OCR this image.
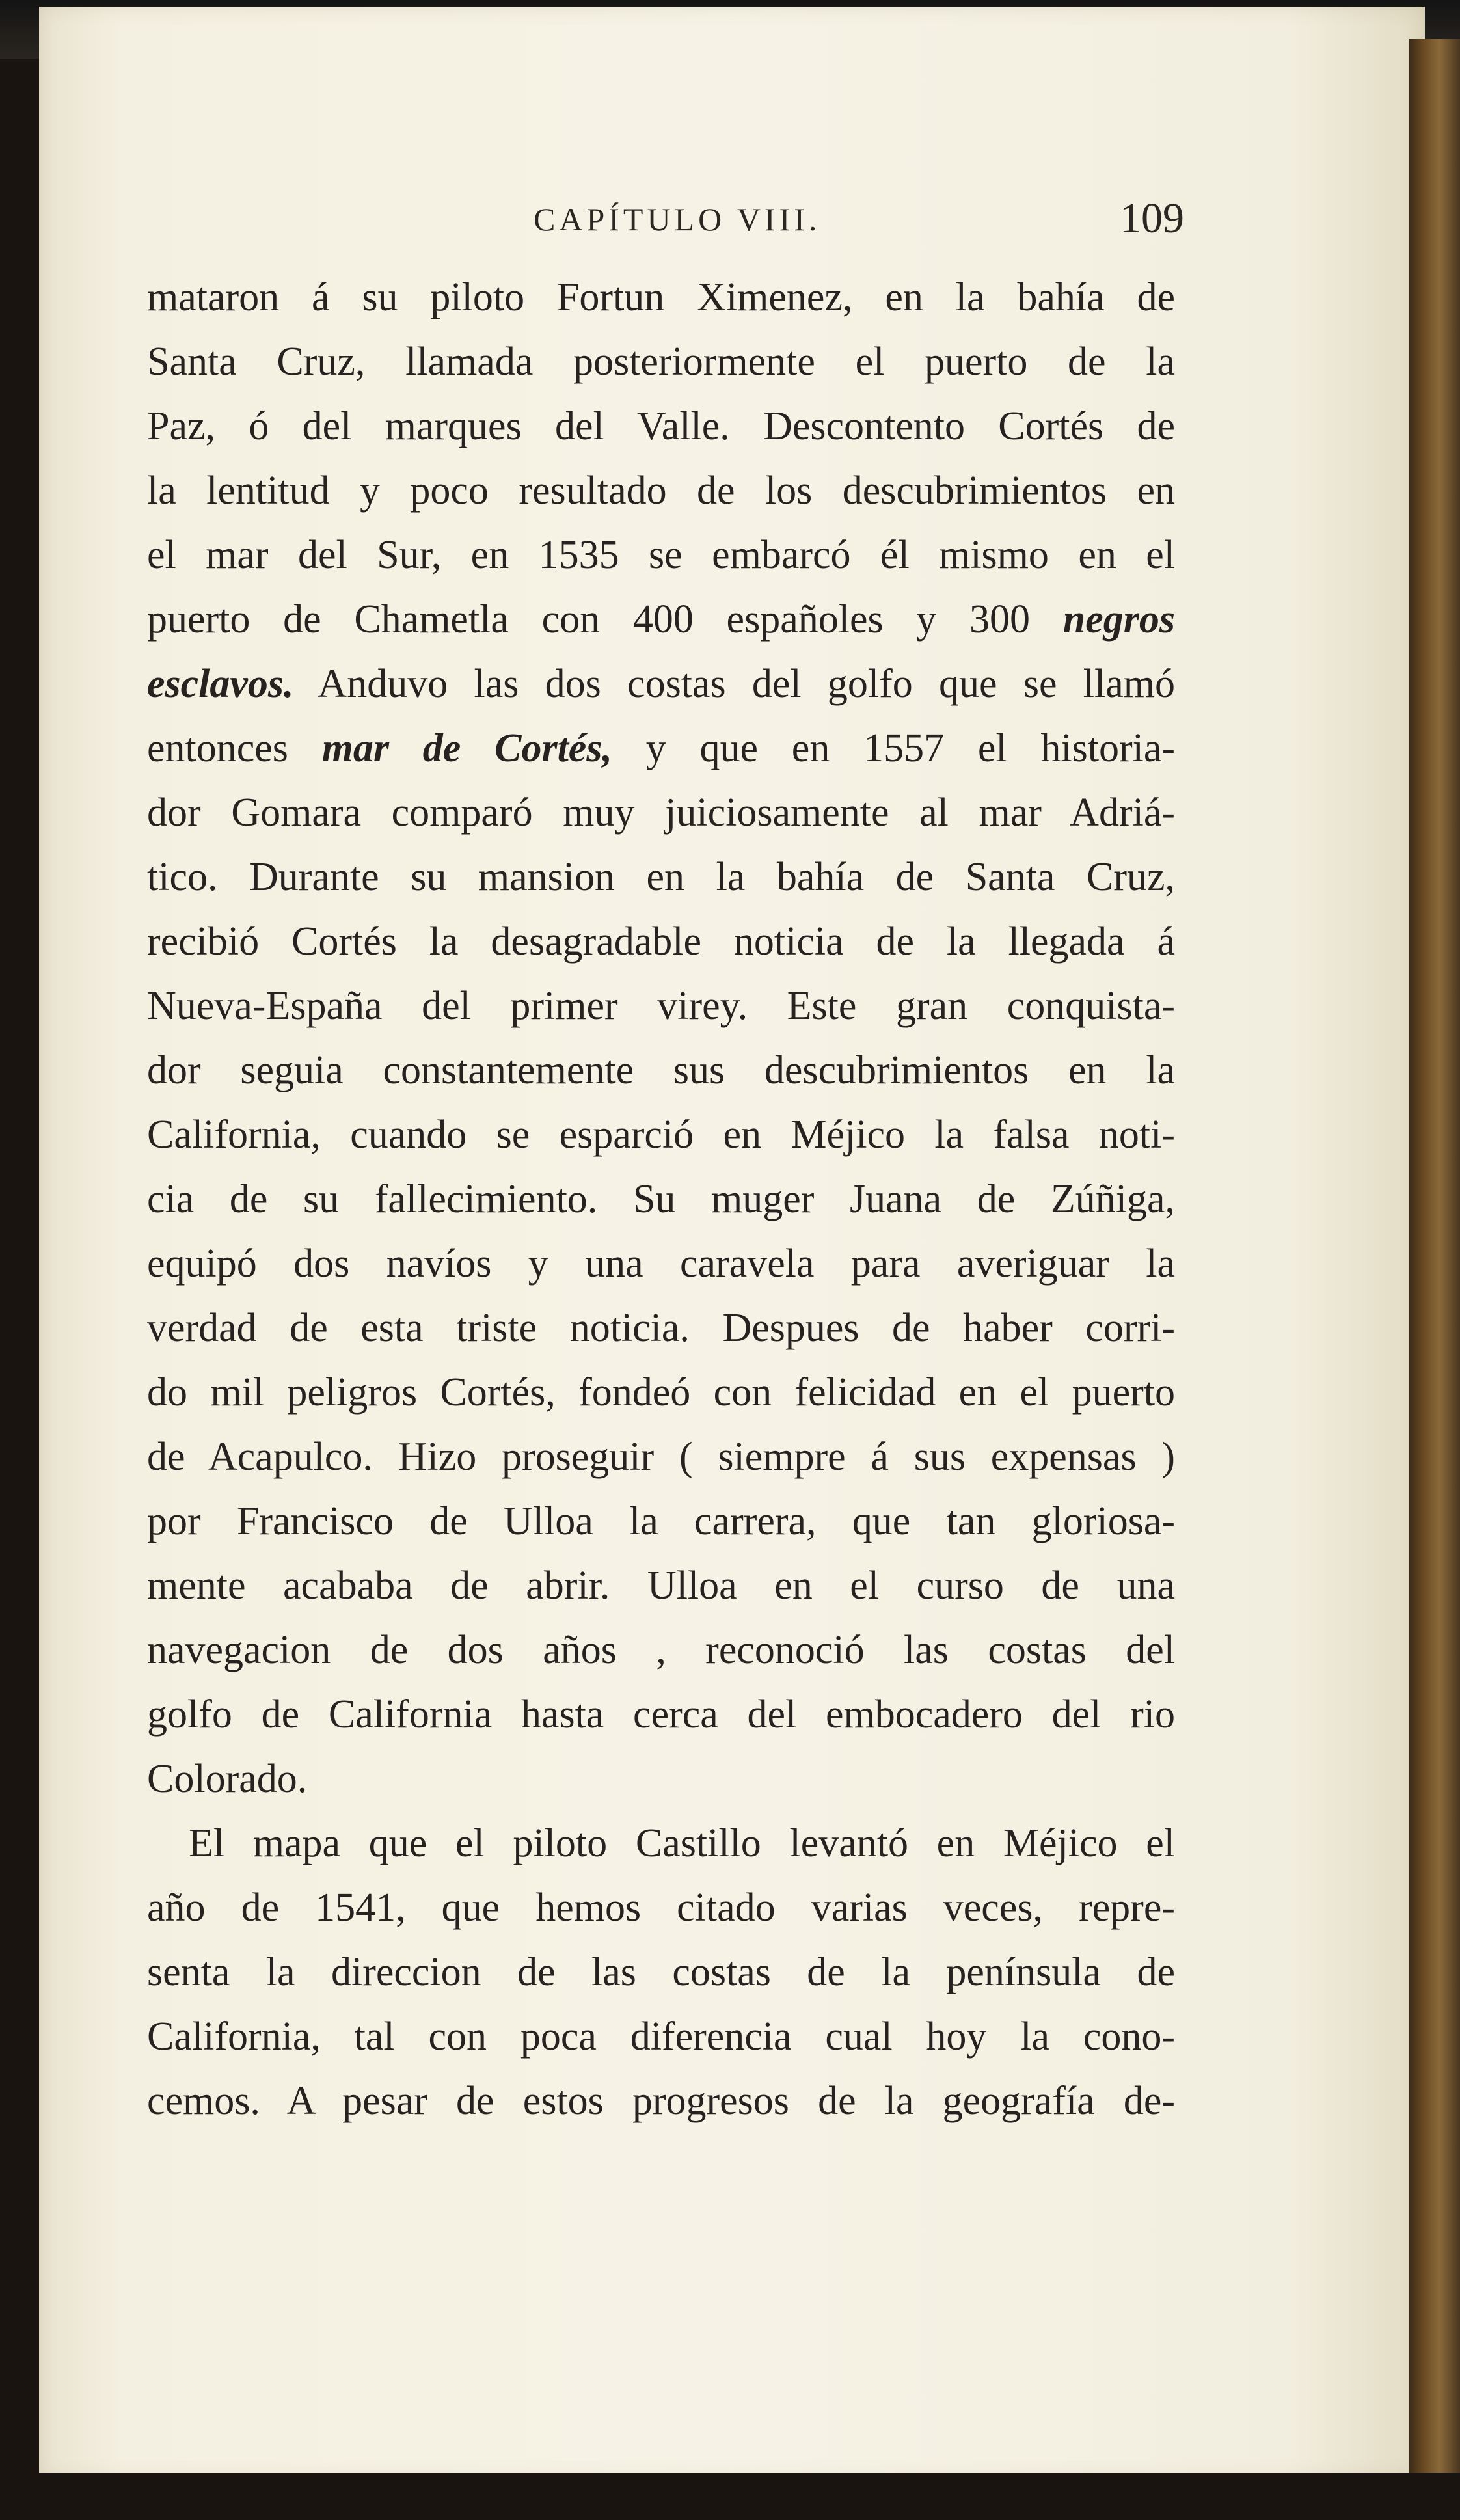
CAPÍTULO VIII.	109
mataron á su piloto Fortun Ximenez, en la bahía de
Santa Cruz, llamada posteriormente el puerto de la
Paz, ó del marques del Valle. Descontento Cortés de
la lentitud y poco resultado de los descubrimientos en
el mar del Sur, en 1535 se embarcó él mismo en el
puerto de Chametla con 400 españoles y 300 negros
esclavos. Anduvo las dos costas del golfo que se llamó
entonces mar de Cortés, y que en 1557 el historia-
dor Gomara comparó muy juiciosamente al mar Adriá-
tico. Durante su mansion en la bahía de Santa Cruz,
recibió Cortés la desagradable noticia de la llegada á
Nueva-España del primer virey. Este gran conquista-
dor seguia constantemente sus descubrimientos en la
California, cuando se esparció en Méjico la falsa noti-
cia de su fallecimiento. Su muger Juana de Zúñiga,
equipó dos navíos y una caravela para averiguar la
verdad de esta triste noticia. Despues de haber corri-
do mil peligros Cortés, fondeó con felicidad en el puerto
de Acapulco. Hizo proseguir ( siempre á sus expensas )
por Francisco de Ulloa la carrera, que tan gloriosa-
mente acababa de abrir. Ulloa en el curso de una
navegacion de dos años , reconoció las costas del
golfo de California hasta cerca del embocadero del rio
Colorado.
El mapa que el piloto Castillo levantó en Méjico el
año de 1541, que hemos citado varias veces, repre-
senta la direccion de las costas de la península de
California, tal con poca diferencia cual hoy la cono-
cemos. A pesar de estos progresos de la geografía de-
